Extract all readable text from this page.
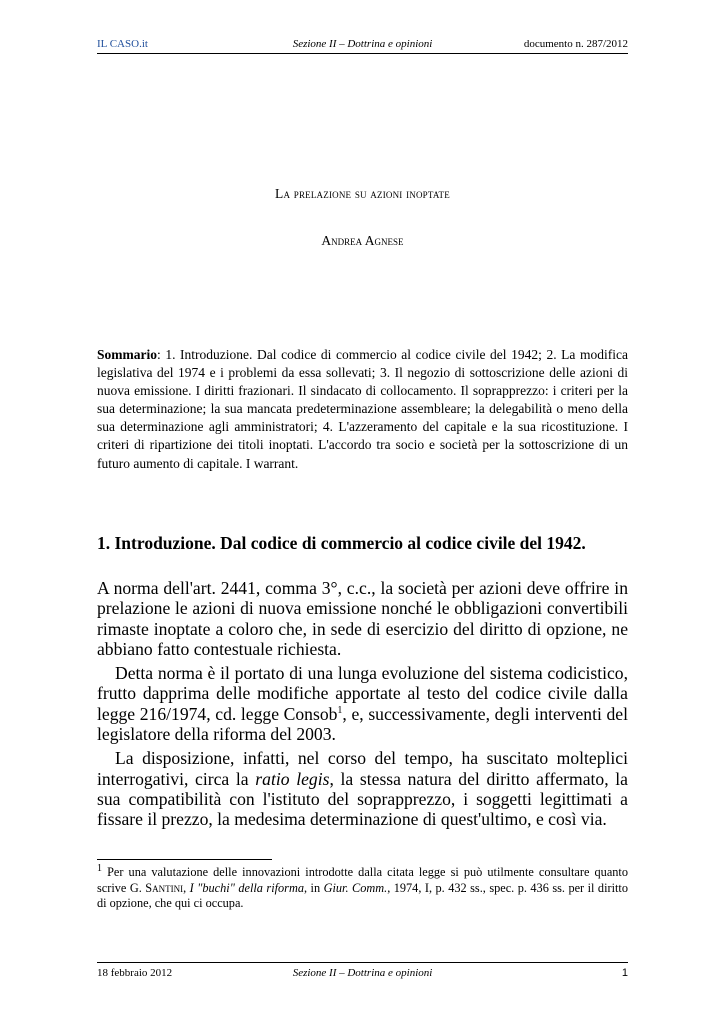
IL CASO.it	Sezione II – Dottrina e opinioni	documento n. 287/2012
La prelazione su azioni inoptate
Andrea Agnese
Sommario: 1. Introduzione. Dal codice di commercio al codice civile del 1942; 2. La modifica legislativa del 1974 e i problemi da essa sollevati; 3. Il negozio di sottoscrizione delle azioni di nuova emissione. I diritti frazionari. Il sindacato di collocamento. Il soprapprezzo: i criteri per la sua determinazione; la sua mancata predeterminazione assembleare; la delegabilità o meno della sua determinazione agli amministratori; 4. L'azzeramento del capitale e la sua ricostituzione. I criteri di ripartizione dei titoli inoptati. L'accordo tra socio e società per la sottoscrizione di un futuro aumento di capitale. I warrant.
1. Introduzione. Dal codice di commercio al codice civile del 1942.

A norma dell'art. 2441, comma 3°, c.c., la società per azioni deve offrire in prelazione le azioni di nuova emissione nonché le obbligazioni convertibili rimaste inoptate a coloro che, in sede di esercizio del diritto di opzione, ne abbiano fatto contestuale richiesta.

Detta norma è il portato di una lunga evoluzione del sistema codicistico, frutto dapprima delle modifiche apportate al testo del codice civile dalla legge 216/1974, cd. legge Consob$^1$, e, successivamente, degli interventi del legislatore della riforma del 2003.

La disposizione, infatti, nel corso del tempo, ha suscitato molteplici interrogativi, circa la ratio legis, la stessa natura del diritto affermato, la sua compatibilità con l'istituto del soprapprezzo, i soggetti legittimati a fissare il prezzo, la medesima determinazione di quest'ultimo, e così via.

$^1$ Per una valutazione delle innovazioni introdotte dalla citata legge si può utilmente consultare quanto scrive G. Santini, I "buchi" della riforma, in Giur. Comm., 1974, I, p. 432 ss., spec. p. 436 ss. per il diritto di opzione, che qui ci occupa.
18 febbraio 2012	Sezione II – Dottrina e opinioni	1
